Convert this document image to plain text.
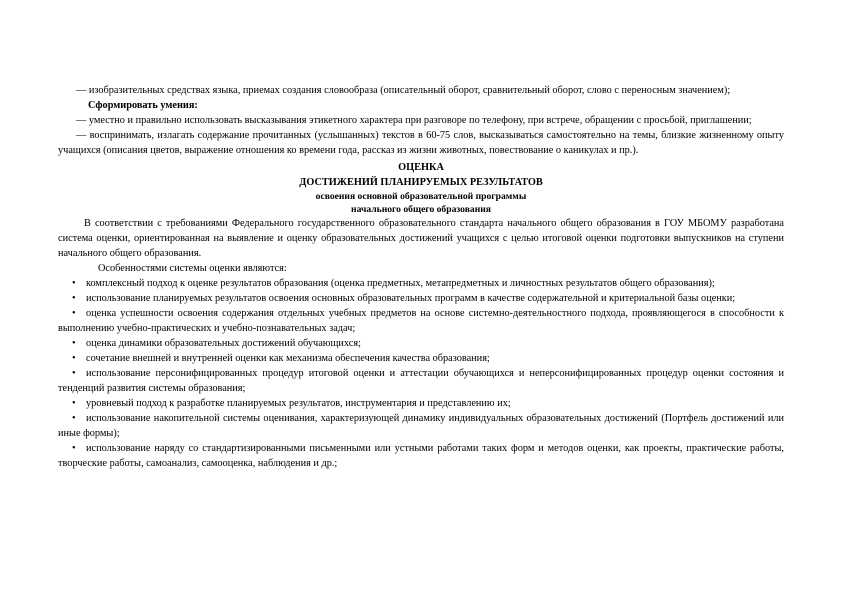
— изобразительных средствах языка, приемах создания словообраза (описательный оборот, сравнительный оборот, слово с переносным значением);

Сформировать умения:

— уместно и правильно использовать высказывания этикетного характера при разговоре по телефону, при встрече, обращении с просьбой, приглашении;

— воспринимать, излагать содержание прочитанных (услышанных) текстов в 60-75 слов, высказываться самостоятельно на темы, близкие жизненному опыту учащихся (описания цветов, выражение отношения ко времени года, рассказ из жизни животных, повествование о каникулах и пр.).

ОЦЕНКА

ДОСТИЖЕНИЙ ПЛАНИРУЕМЫХ РЕЗУЛЬТАТОВ

освоения основной образовательной программы

начального общего образования

В соответствии с требованиями Федерального государственного образовательного стандарта начального общего образования в ГОУ МБОМУ разработана система оценки, ориентированная на выявление и оценку образовательных достижений учащихся с целью итоговой оценки подготовки выпускников на ступени начального общего образования.

Особенностями системы оценки являются:

• комплексный подход к оценке результатов образования (оценка предметных, метапредметных и личностных результатов общего образования);

• использование планируемых результатов освоения основных образовательных программ в качестве содержательной и критериальной базы оценки;

• оценка успешности освоения содержания отдельных учебных предметов на основе системно-деятельностного подхода, проявляющегося в способности к выполнению учебно-практических и учебно-познавательных задач;

• оценка динамики образовательных достижений обучающихся;

• сочетание внешней и внутренней оценки как механизма обеспечения качества образования;

• использование персонифицированных процедур итоговой оценки и аттестации обучающихся и неперсонифицированных процедур оценки состояния и тенденций развития системы образования;

• уровневый подход к разработке планируемых результатов, инструментария и представлению их;

• использование накопительной системы оценивания, характеризующей динамику индивидуальных образовательных достижений (Портфель достижений или иные формы);

• использование наряду со стандартизированными письменными или устными работами таких форм и методов оценки, как проекты, практические работы, творческие работы, самоанализ, самооценка, наблюдения и др.;
